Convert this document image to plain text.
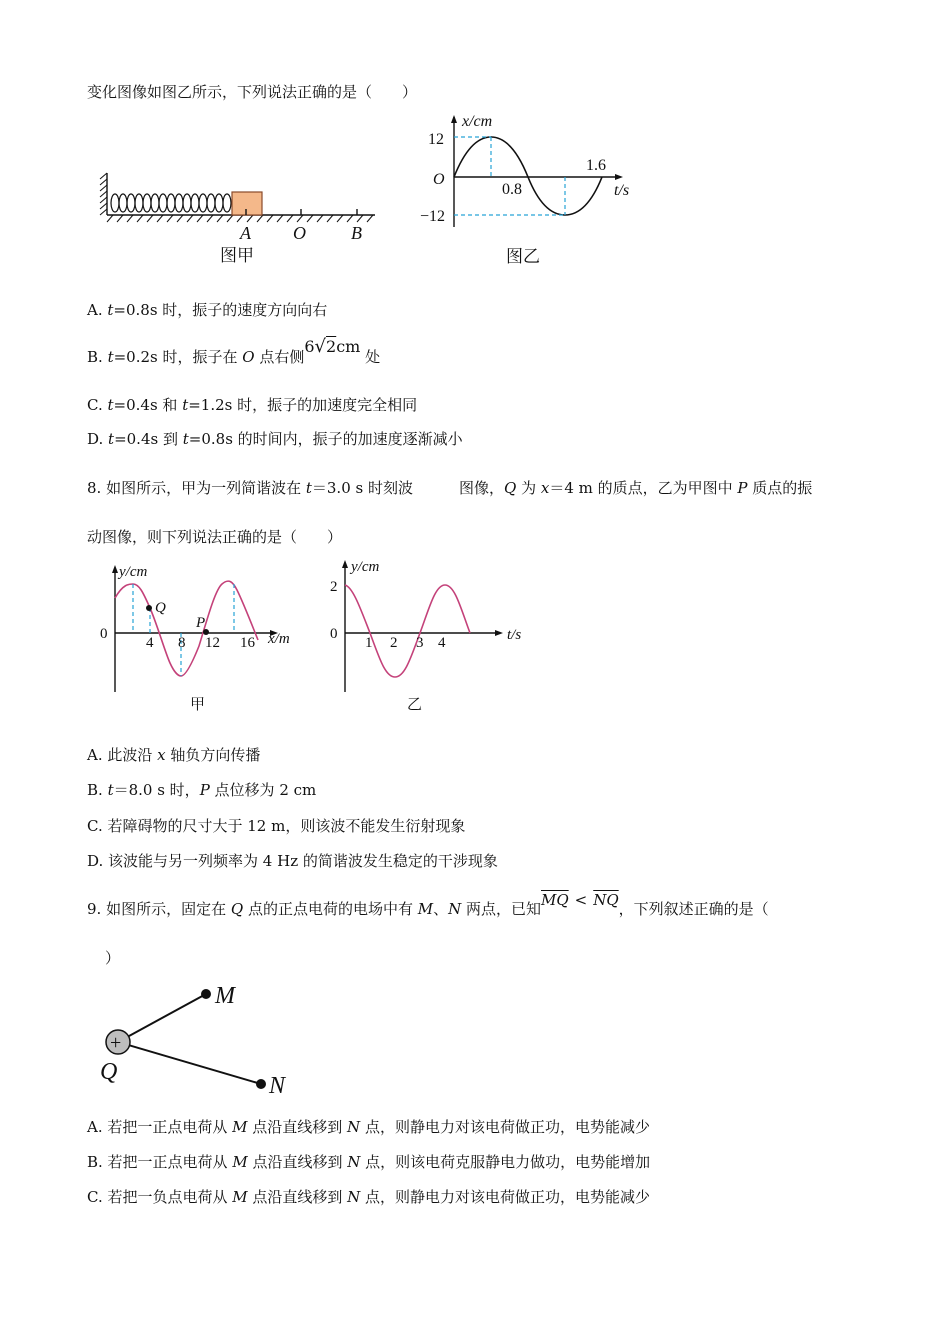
变化图像如图乙所示，下列说法正确的是（　　）
A O	B
图甲
x/cm
12
O
−12
0.8
1.6
t/s
图乙
A. t=0.8s 时，振子的速度方向向右
B. t=0.2s 时，振子在 O 点右侧6√2cm 处
C. t=0.4s 和 t=1.2s 时，振子的加速度完全相同
D. t=0.4s 到 t=0.8s 的时间内，振子的加速度逐渐减小
8. 如图所示，甲为一列简谐波在 t＝3.0 s 时刻波	图像，Q 为 x＝4 m 的质点，乙为甲图中 P 质点的振
动图像，则下列说法正确的是（　　）
y/cm
0
Q
P
4 8 12 16 x/m
甲
y/cm
2
0
1 2 3 4	t/s
乙
A. 此波沿 x 轴负方向传播
B. t＝8.0 s 时，P 点位移为 2 cm
C. 若障碍物的尺寸大于 12 m，则该波不能发生衍射现象
D. 该波能与另一列频率为 4 Hz 的简谐波发生稳定的干涉现象
9. 如图所示，固定在 Q 点的正点电荷的电场中有 M、N 两点，已知$\overline{MQ} < \overline{NQ}$，下列叙述正确的是（
）
+
M
N
Q
A. 若把一正点电荷从 M 点沿直线移到 N 点，则静电力对该电荷做正功，电势能减少
B. 若把一正点电荷从 M 点沿直线移到 N 点，则该电荷克服静电力做功，电势能增加
C. 若把一负点电荷从 M 点沿直线移到 N 点，则静电力对该电荷做正功，电势能减少
